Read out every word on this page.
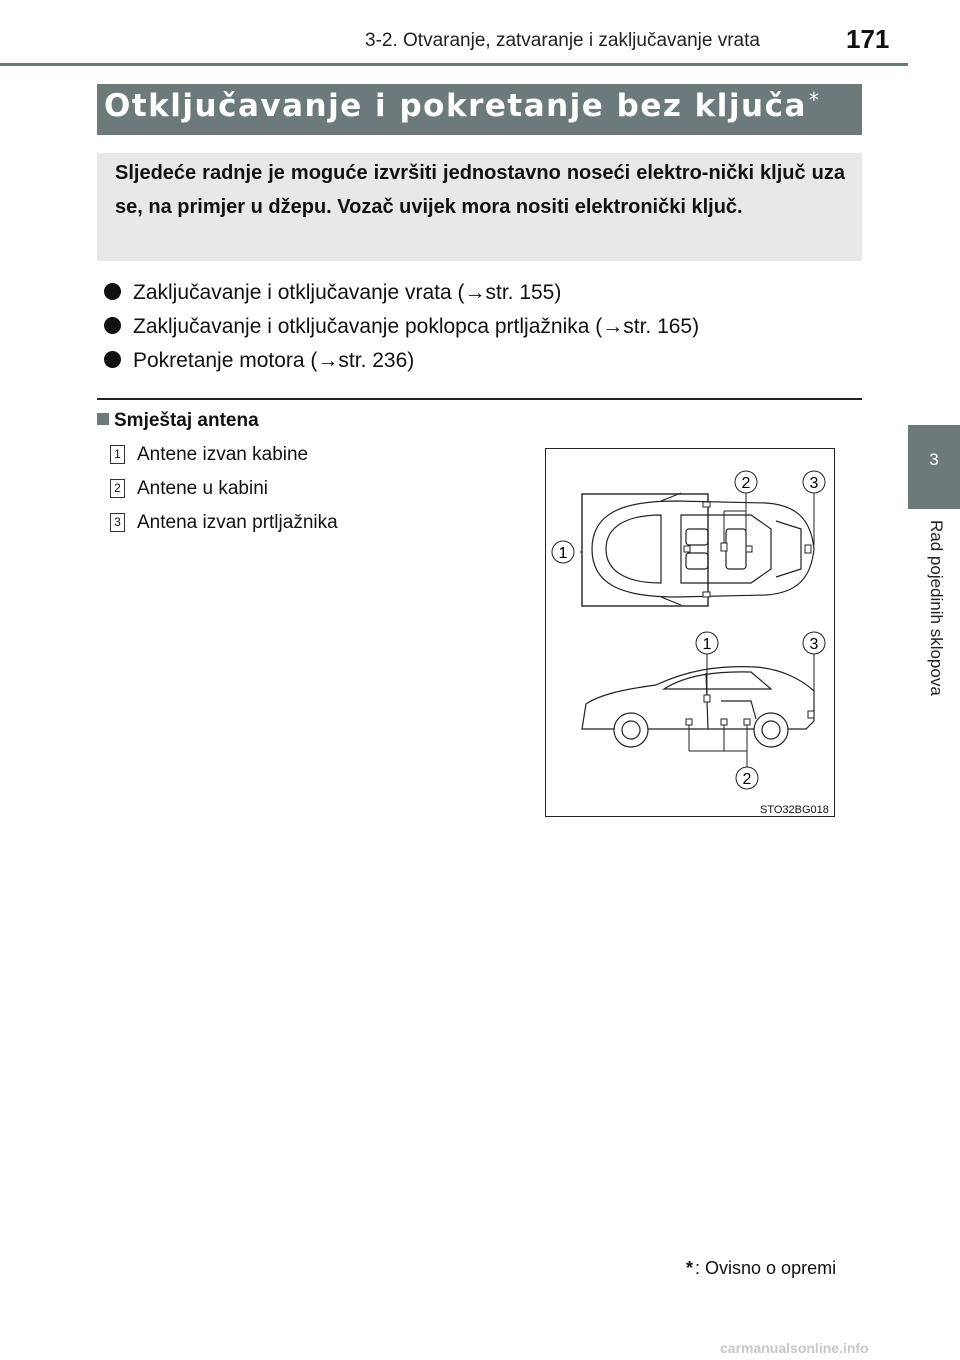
3-2. Otvaranje, zatvaranje i zaključavanje vrata	171
3
Rad pojedinih sklopova
Otključavanje i pokretanje bez ključa *
Sljedeće radnje je moguće izvršiti jednostavno noseći elektro-nički ključ uza se, na primjer u džepu. Vozač uvijek mora nositi elektronički ključ.
Zaključavanje i otključavanje vrata (→str. 155)
Zaključavanje i otključavanje poklopca prtljažnika (→str. 165)
Pokretanje motora (→str. 236)
Smještaj antena
1 Antene izvan kabine
2 Antene u kabini
3 Antena izvan prtljažnika
2	3
1
1	3
2
STO32BG018
* : Ovisno o opremi
carmanualsonline.info
